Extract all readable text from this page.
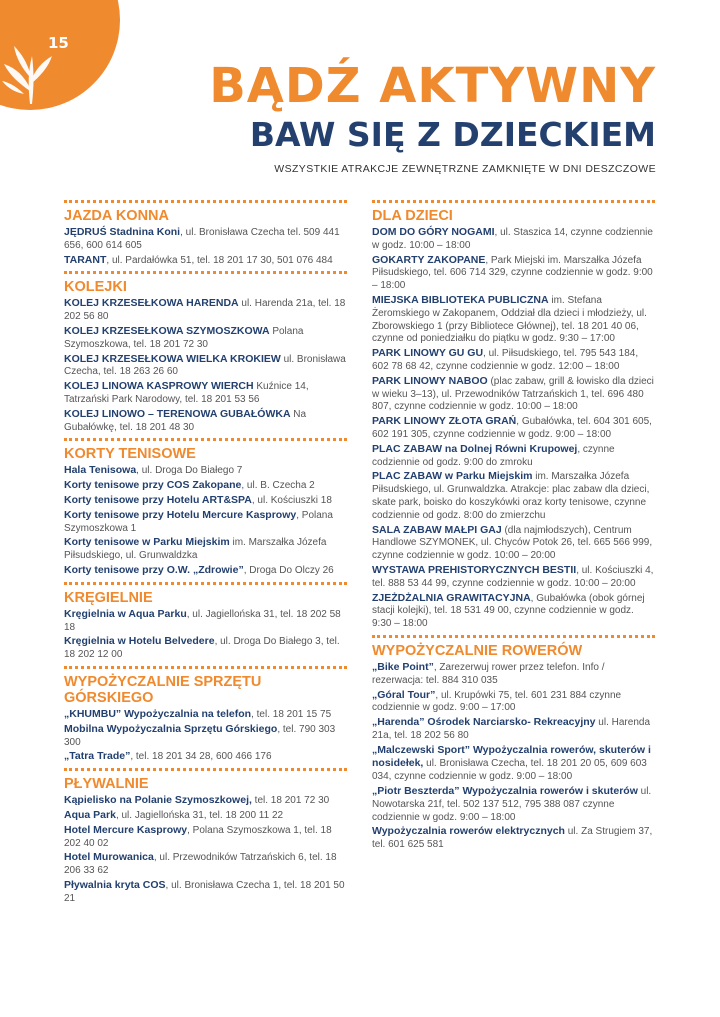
15
BĄDŹ AKTYWNY
BAW SIĘ Z DZIECKIEM
WSZYSTKIE ATRAKCJE ZEWNĘTRZNE ZAMKNIĘTE W DNI DESZCZOWE
JAZDA KONNA
JĘDRUŚ Stadnina Koni, ul. Bronisława Czecha tel. 509 441 656, 600 614 605
TARANT, ul. Pardałówka 51, tel. 18 201 17 30, 501 076 484
KOLEJKI
KOLEJ KRZESEŁKOWA HARENDA ul. Harenda 21a, tel. 18 202 56 80
KOLEJ KRZESEŁKOWA SZYMOSZKOWA Polana Szymoszkowa, tel. 18 201 72 30
KOLEJ KRZESEŁKOWA WIELKA KROKIEW ul. Bronisława Czecha, tel. 18 263 26 60
KOLEJ LINOWA KASPROWY WIERCH Kuźnice 14, Tatrzański Park Narodowy, tel. 18 201 53 56
KOLEJ LINOWO – TERENOWA GUBAŁÓWKA Na Gubałówkę, tel. 18 201 48 30
KORTY TENISOWE
Hala Tenisowa, ul. Droga Do Białego 7
Korty tenisowe przy COS Zakopane, ul. B. Czecha 2
Korty tenisowe przy Hotelu ART&SPA, ul. Kościuszki 18
Korty tenisowe przy Hotelu Mercure Kasprowy, Polana Szymoszkowa 1
Korty tenisowe w Parku Miejskim im. Marszałka Józefa Piłsudskiego, ul. Grunwaldzka
Korty tenisowe przy O.W. „Zdrowie”, Droga Do Olczy 26
KRĘGIELNIE
Kręgielnia w Aqua Parku, ul. Jagiellońska 31, tel. 18 202 58 18
Kręgielnia w Hotelu Belvedere, ul. Droga Do Białego 3, tel. 18 202 12 00
WYPOŻYCZALNIE SPRZĘTU GÓRSKIEGO
„KHUMBU” Wypożyczalnia na telefon, tel. 18 201 15 75
Mobilna Wypożyczalnia Sprzętu Górskiego, tel. 790 303 300
„Tatra Trade”, tel. 18 201 34 28, 600 466 176
PŁYWALNIE
Kąpielisko na Polanie Szymoszkowej, tel. 18 201 72 30
Aqua Park, ul. Jagiellońska 31, tel. 18 200 11 22
Hotel Mercure Kasprowy, Polana Szymoszkowa 1, tel. 18 202 40 02
Hotel Murowanica, ul. Przewodników Tatrzańskich 6, tel. 18 206 33 62
Pływalnia kryta COS, ul. Bronisława Czecha 1, tel. 18 201 50 21
DLA DZIECI
DOM DO GÓRY NOGAMI, ul. Staszica 14, czynne codziennie w godz. 10:00 – 18:00
GOKARTY ZAKOPANE, Park Miejski im. Marszałka Józefa Piłsudskiego, tel. 606 714 329, czynne codziennie w godz. 9:00 – 18:00
MIEJSKA BIBLIOTEKA PUBLICZNA im. Stefana Żeromskiego w Zakopanem, Oddział dla dzieci i młodzieży, ul. Zborowskiego 1 (przy Bibliotece Głównej), tel. 18 201 40 06, czynne od poniedziałku do piątku w godz. 9:30 – 17:00
PARK LINOWY GU GU, ul. Piłsudskiego, tel. 795 543 184, 602 78 68 42, czynne codziennie w godz. 12:00 – 18:00
PARK LINOWY NABOO (plac zabaw, grill & łowisko dla dzieci w wieku 3–13), ul. Przewodników Tatrzańskich 1, tel. 696 480 807, czynne codziennie w godz. 10:00 – 18:00
PARK LINOWY ZŁOTA GRAŃ, Gubałówka, tel. 604 301 605, 602 191 305, czynne codziennie w godz. 9:00 – 18:00
PLAC ZABAW na Dolnej Równi Krupowej, czynne codziennie od godz. 9:00 do zmroku
PLAC ZABAW w Parku Miejskim im. Marszałka Józefa Piłsudskiego, ul. Grunwaldzka. Atrakcje: plac zabaw dla dzieci, skate park, boisko do koszykówki oraz korty tenisowe, czynne codziennie od godz. 8:00 do zmierzchu
SALA ZABAW MAŁPI GAJ (dla najmłodszych), Centrum Handlowe SZYMONEK, ul. Chyców Potok 26, tel. 665 566 999, czynne codziennie w godz. 10:00 – 20:00
WYSTAWA PREHISTORYCZNYCH BESTII, ul. Kościuszki 4, tel. 888 53 44 99, czynne codziennie w godz. 10:00 – 20:00
ZJEŻDŻALNIA GRAWITACYJNA, Gubałówka (obok górnej stacji kolejki), tel. 18 531 49 00, czynne codziennie w godz. 9:30 – 18:00
WYPOŻYCZALNIE ROWERÓW
„Bike Point”, Zarezerwuj rower przez telefon. Info / rezerwacja: tel. 884 310 035
„Góral Tour”, ul. Krupówki 75, tel. 601 231 884 czynne codziennie w godz. 9:00 – 17:00
„Harenda” Ośrodek Narciarsko- Rekreacyjny ul. Harenda 21a, tel. 18 202 56 80
„Malczewski Sport” Wypożyczalnia rowerów, skuterów i nosidełek, ul. Bronisława Czecha, tel. 18 201 20 05, 609 603 034, czynne codziennie w godz. 9:00 – 18:00
„Piotr Beszterda” Wypożyczalnia rowerów i skuterów ul. Nowotarska 21f, tel. 502 137 512, 795 388 087 czynne codziennie w godz. 9:00 – 18:00
Wypożyczalnia rowerów elektrycznych ul. Za Strugiem 37, tel. 601 625 581
